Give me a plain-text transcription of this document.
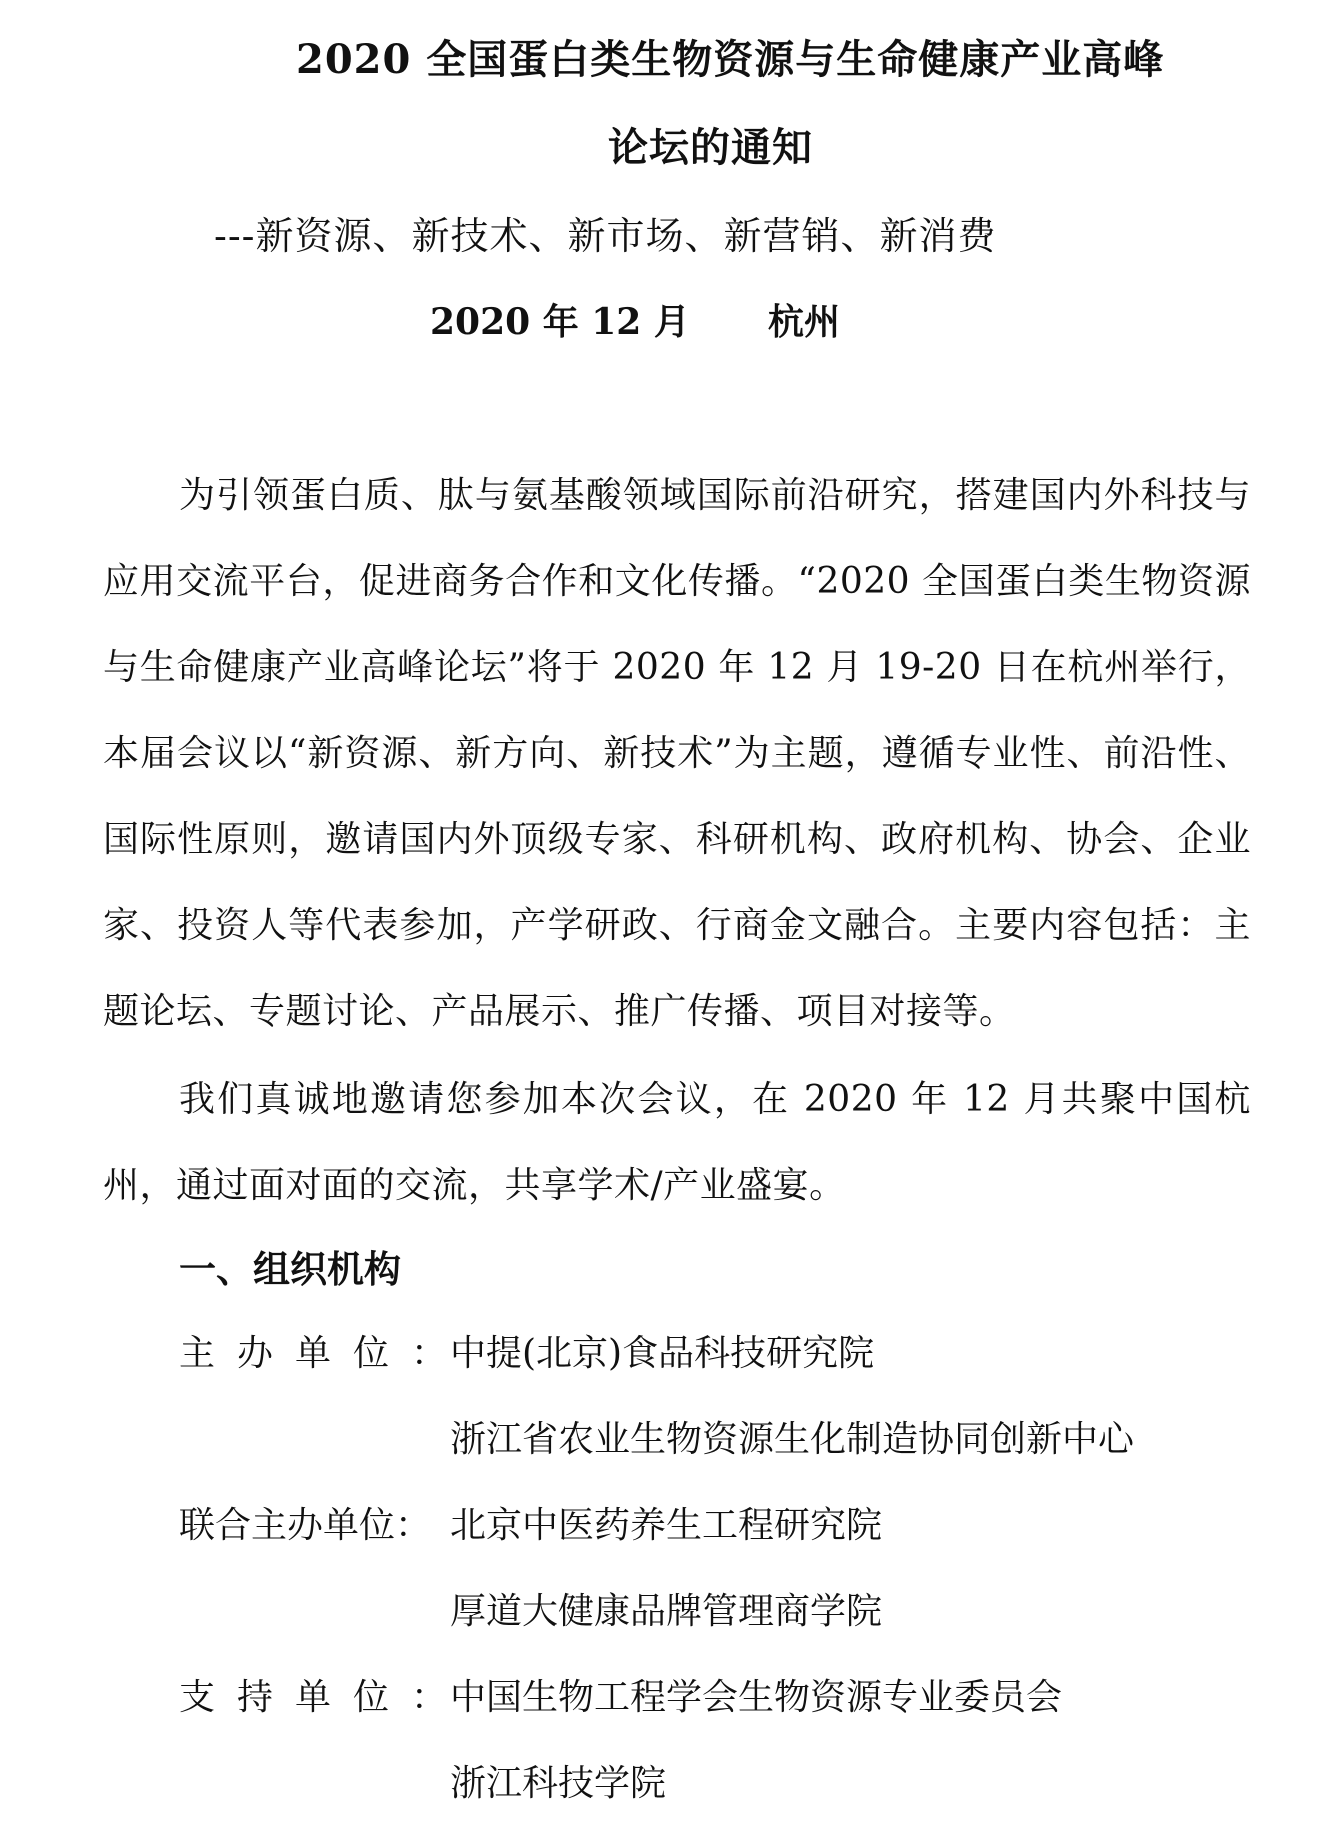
2020 全国蛋白类生物资源与生命健康产业高峰
论坛的通知
---新资源、新技术、新市场、新营销、新消费
2020 年 12 月 杭州

为引领蛋白质、肽与氨基酸领域国际前沿研究，搭建国内外科技与应用交流平台，促进商务合作和文化传播。“2020 全国蛋白类生物资源与生命健康产业高峰论坛”将于 2020 年 12 月 19-20 日在杭州举行，本届会议以“新资源、新方向、新技术”为主题，遵循专业性、前沿性、国际性原则，邀请国内外顶级专家、科研机构、政府机构、协会、企业家、投资人等代表参加，产学研政、行商金文融合。主要内容包括：主题论坛、专题讨论、产品展示、推广传播、项目对接等。

我们真诚地邀请您参加本次会议，在 2020 年 12 月共聚中国杭州，通过面对面的交流，共享学术/产业盛宴。

一、组织机构
主办单位：
中提(北京)食品科技研究院
浙江省农业生物资源生化制造协同创新中心
联合主办单位： 北京中医药养生工程研究院
厚道大健康品牌管理商学院
支持单位：
中国生物工程学会生物资源专业委员会
浙江科技学院
